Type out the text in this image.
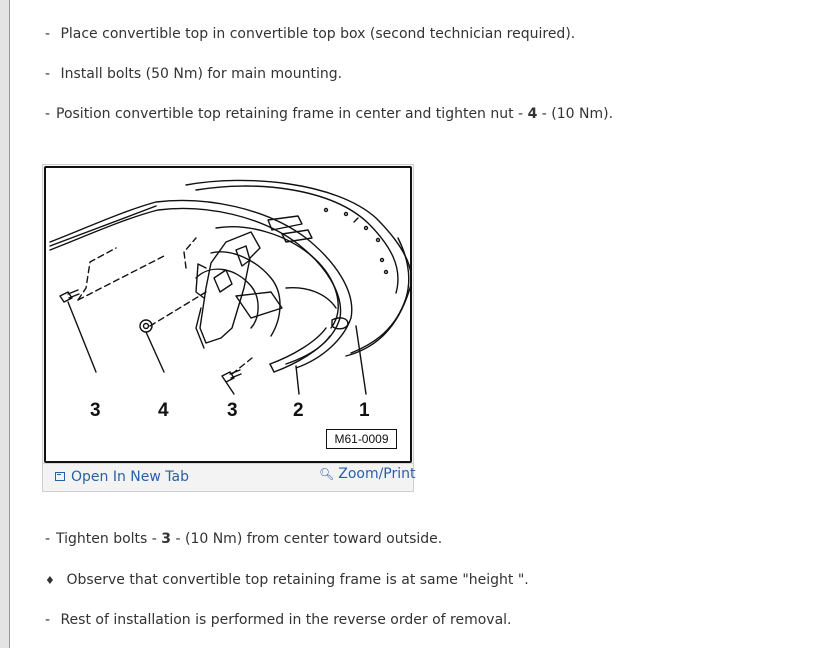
- Place convertible top in convertible top box (second technician required).
- Install bolts (50 Nm) for main mounting.
- Position convertible top retaining frame in center and tighten nut - 4 - (10 Nm).
3	4	3	2	1
M61-0009
Open In New Tab	🔍︎ Zoom/Print
- Tighten bolts - 3 - (10 Nm) from center toward outside.
♦ Observe that convertible top retaining frame is at same "height ".
- Rest of installation is performed in the reverse order of removal.
